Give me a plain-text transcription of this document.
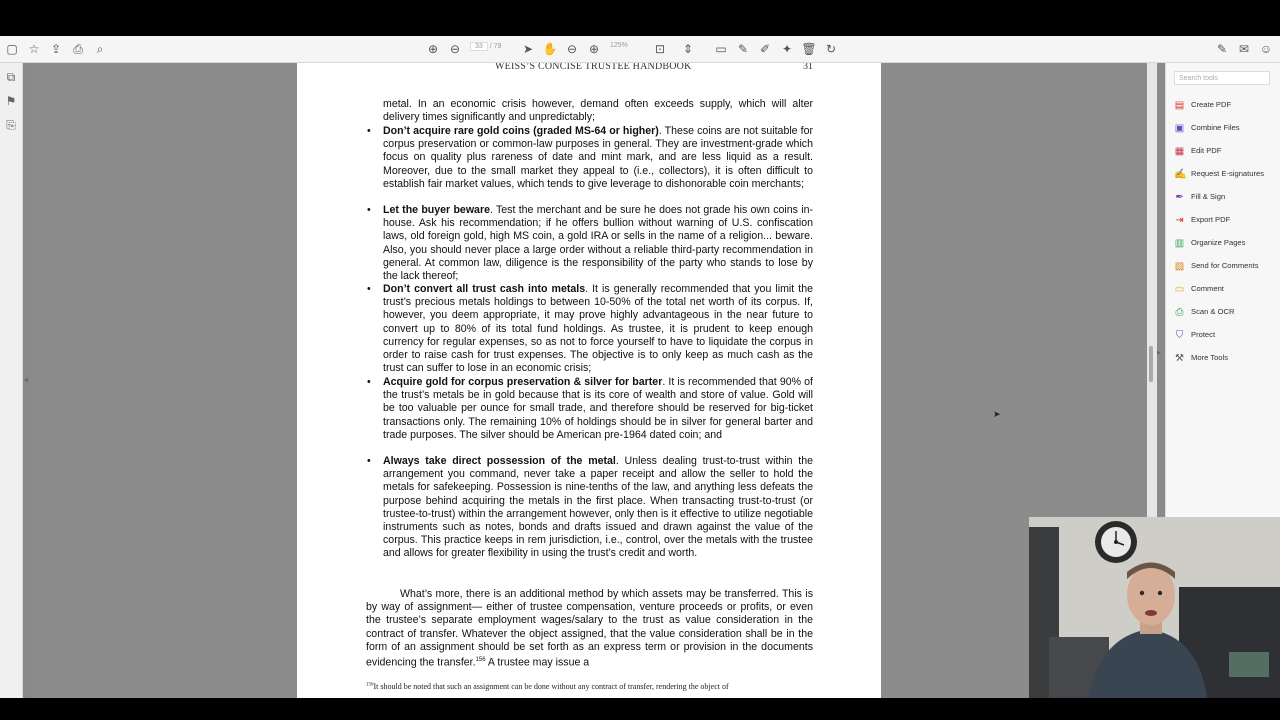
▢ ☆ ⇪ ⎙	⌕	⊕ ⊖	33 / 79 ➤ ✋ ⊖ ⊕	125% ⊡ ⇕ ▭ ✎ ✐ ✦ 🗑 ↻	✎ ✉ ☺
⧉
⚑
⎘
◂
WEISS’S CONCISE TRUSTEE HANDBOOK	31
metal. In an economic crisis however, demand often exceeds supply, which will alter delivery times significantly and unpredictably;
• Don’t acquire rare gold coins (graded MS-64 or higher). These coins are not suitable for corpus preservation or common-law purposes in general. They are investment-grade which focus on quality plus rareness of date and mint mark, and are less liquid as a result. Moreover, due to the small market they appeal to (i.e., collectors), it is often difficult to establish fair market values, which tends to give leverage to dishonorable coin merchants;
• Let the buyer beware. Test the merchant and be sure he does not grade his own coins in-house. Ask his recommendation; if he offers bullion without warning of U.S. confiscation laws, old foreign gold, high MS coin, a gold IRA or sells in the name of a religion... beware. Also, you should never place a large order without a reliable third-party recommendation in general. At common law, diligence is the responsibility of the party who stands to lose by the lack thereof;
• Don’t convert all trust cash into metals. It is generally recommended that you limit the trust’s precious metals holdings to between 10-50% of the total net worth of its corpus. If, however, you deem appropriate, it may prove highly advantageous in the near future to convert up to 80% of its total fund holdings. As trustee, it is prudent to keep enough currency for regular expenses, so as not to force yourself to have to liquidate the corpus in order to raise cash for trust expenses. The objective is to only keep as much cash as the trust can suffer to lose in an economic crisis;
• Acquire gold for corpus preservation & silver for barter. It is recommended that 90% of the trust’s metals be in gold because that is its core of wealth and store of value. Gold will be too valuable per ounce for small trade, and therefore should be reserved for big-ticket transactions only. The remaining 10% of holdings should be in silver for general barter and trade purposes. The silver should be American pre-1964 dated coin; and
• Always take direct possession of the metal. Unless dealing trust-to-trust within the arrangement you command, never take a paper receipt and allow the seller to hold the metals for safekeeping. Possession is nine-tenths of the law, and anything less defeats the purpose behind acquiring the metals in the first place. When transacting trust-to-trust (or trustee-to-trust) within the arrangement however, only then is it effective to utilize negotiable instruments such as notes, bonds and drafts issued and drawn against the value of the corpus. This practice keeps in rem jurisdiction, i.e., control, over the metals with the trustee and allows for greater flexibility in using the trust’s credit and worth.
What’s more, there is an additional method by which assets may be transferred. This is by way of assignment— either of trustee compensation, venture proceeds or profits, or even the trustee’s separate employment wages/salary to the trust as value consideration in the contract of transfer. Whatever the object assigned, that the value consideration shall be in the form of an assignment should be set forth as an express term or provision in the documents evidencing the transfer.$^{156}$ A trustee may issue a
$^{156}$It should be noted that such an assignment can be done without any contract of transfer, rendering the object of
▸
Search tools
▤ Create PDF
▣ Combine Files
▦ Edit PDF
✍ Request E-signatures
✒ Fill & Sign
⇥ Export PDF
▥ Organize Pages
▧ Send for Comments
▭ Comment
⎙ Scan & OCR
⛉ Protect
⚒ More Tools
➤
